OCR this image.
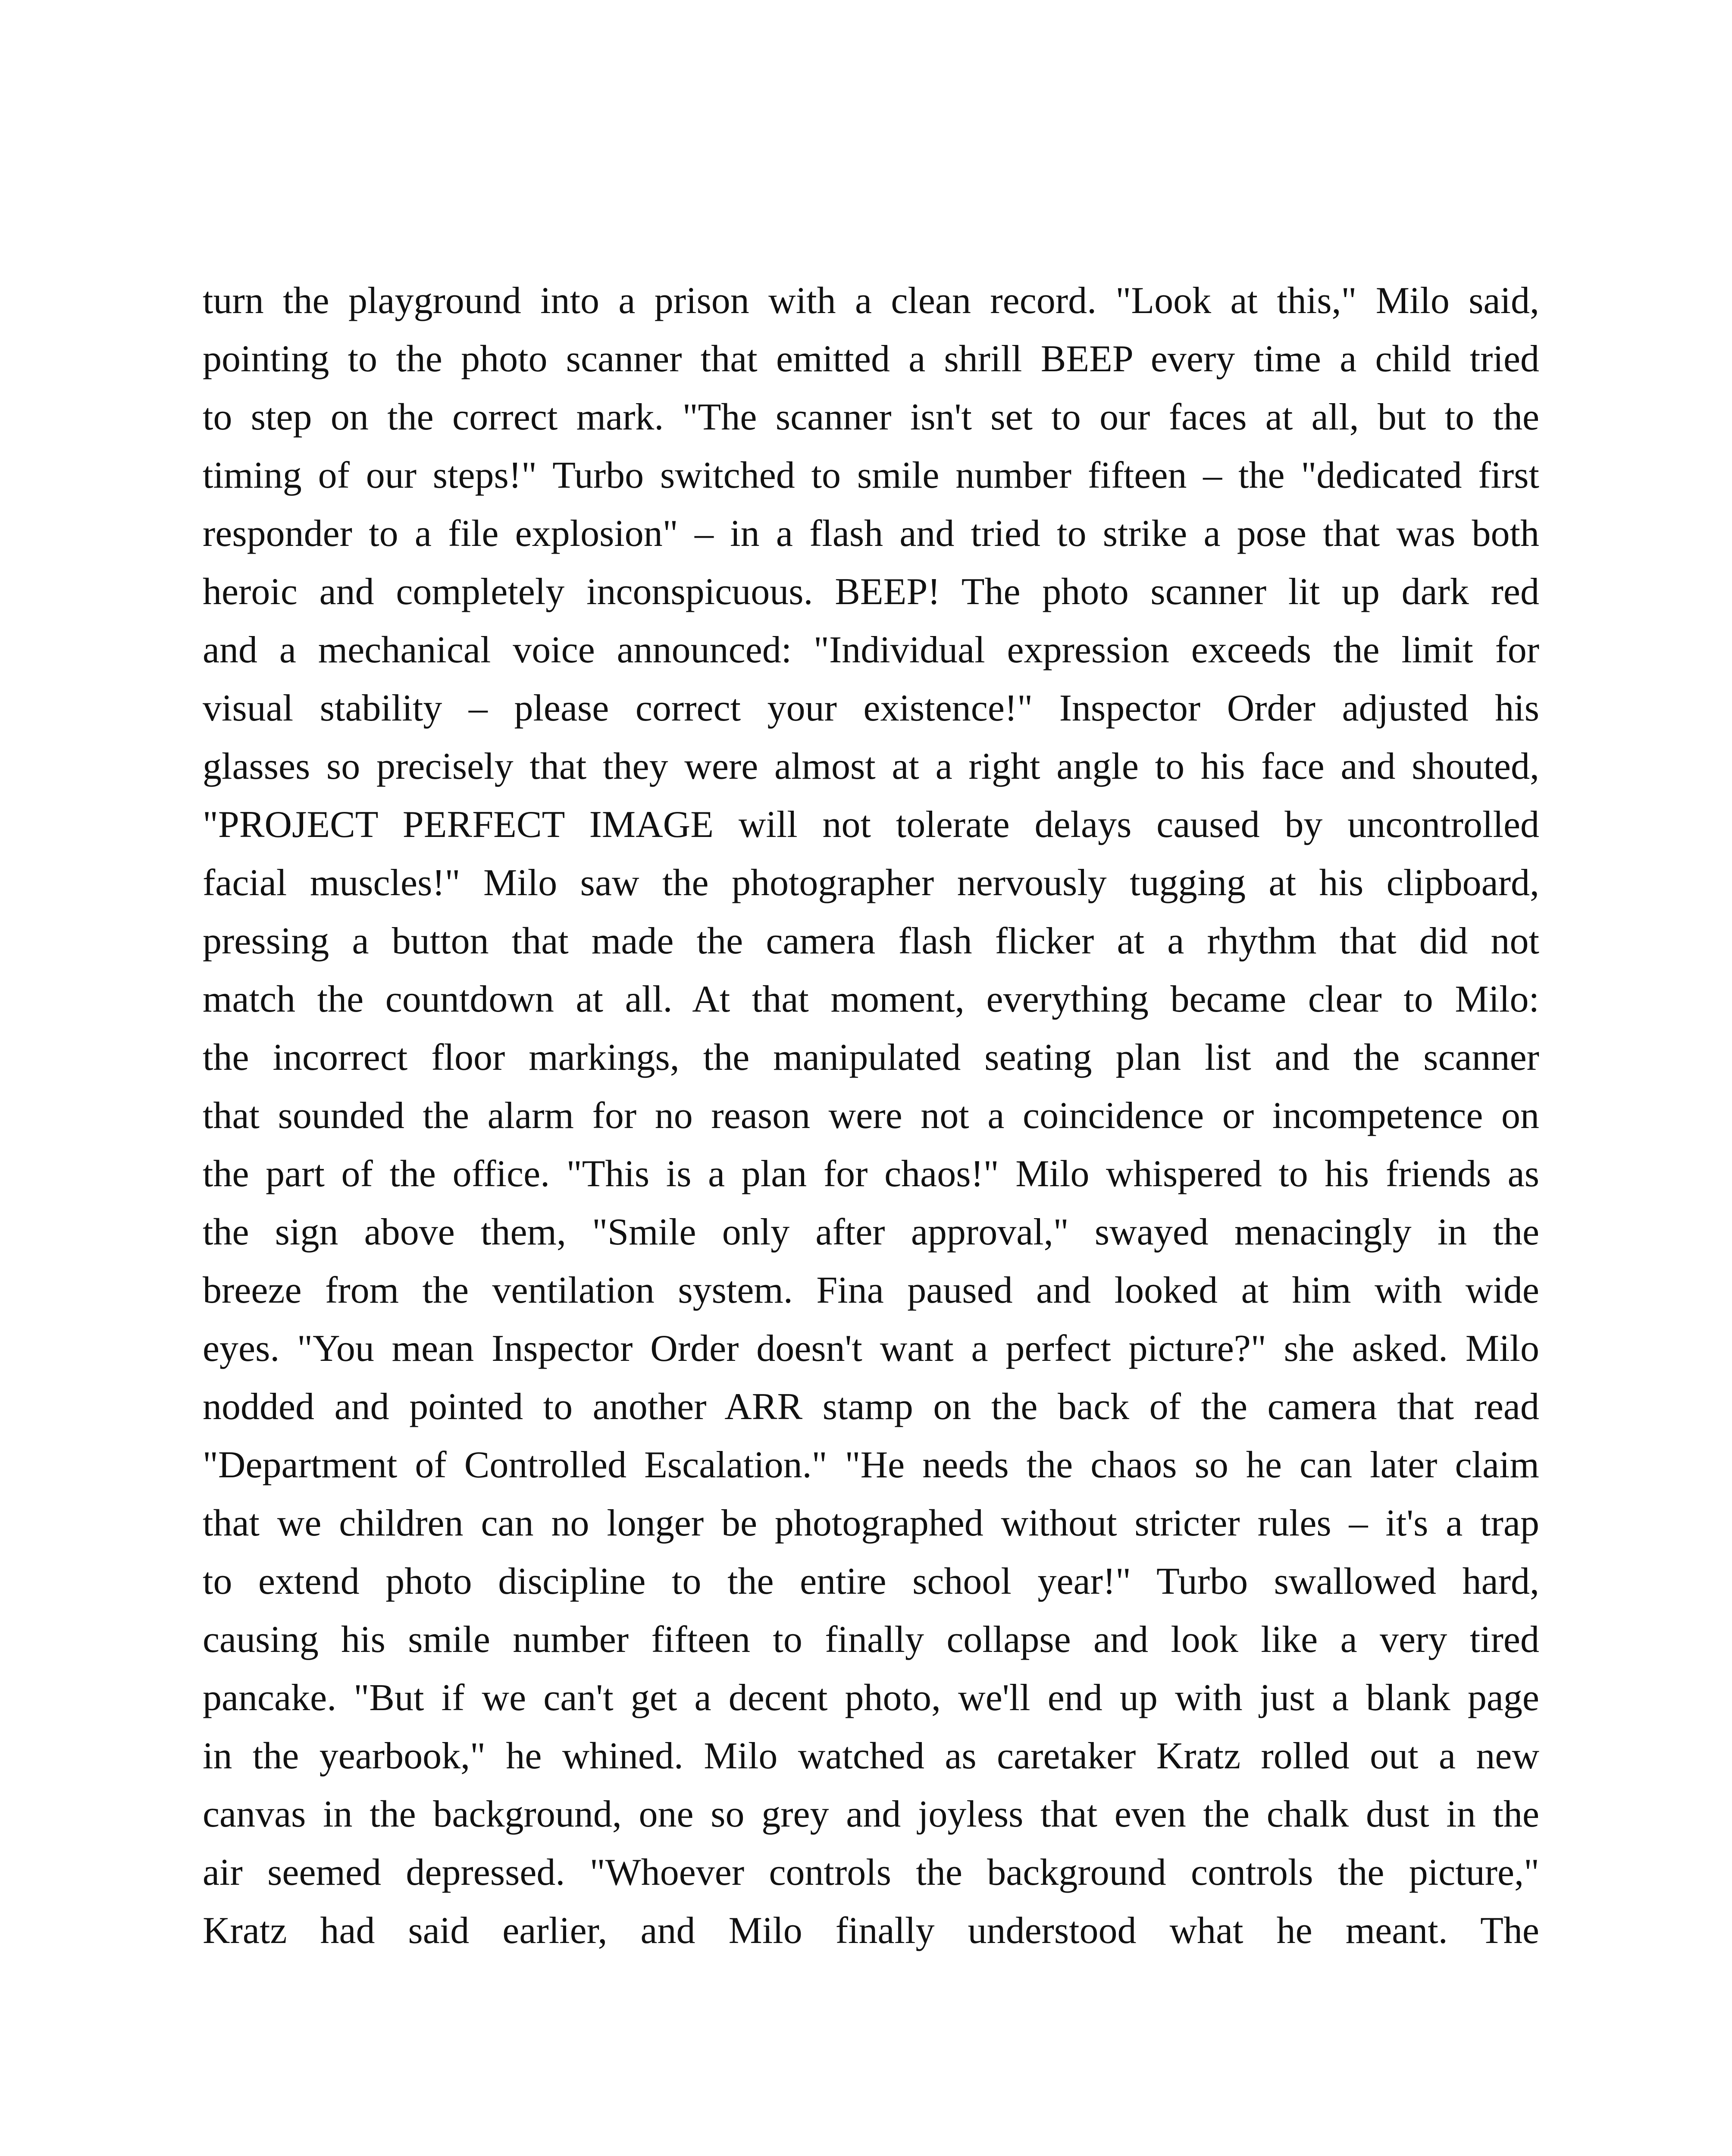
turn the playground into a prison with a clean record. "Look at this," Milo said,
pointing to the photo scanner that emitted a shrill BEEP every time a child tried
to step on the correct mark. "The scanner isn't set to our faces at all, but to the
timing of our steps!" Turbo switched to smile number fifteen – the "dedicated first
responder to a file explosion" – in a flash and tried to strike a pose that was both
heroic and completely inconspicuous. BEEP! The photo scanner lit up dark red
and a mechanical voice announced: "Individual expression exceeds the limit for
visual stability – please correct your existence!" Inspector Order adjusted his
glasses so precisely that they were almost at a right angle to his face and shouted,
"PROJECT PERFECT IMAGE will not tolerate delays caused by uncontrolled
facial muscles!" Milo saw the photographer nervously tugging at his clipboard,
pressing a button that made the camera flash flicker at a rhythm that did not
match the countdown at all. At that moment, everything became clear to Milo:
the incorrect floor markings, the manipulated seating plan list and the scanner
that sounded the alarm for no reason were not a coincidence or incompetence on
the part of the office. "This is a plan for chaos!" Milo whispered to his friends as
the sign above them, "Smile only after approval," swayed menacingly in the
breeze from the ventilation system. Fina paused and looked at him with wide
eyes. "You mean Inspector Order doesn't want a perfect picture?" she asked. Milo
nodded and pointed to another ARR stamp on the back of the camera that read
"Department of Controlled Escalation." "He needs the chaos so he can later claim
that we children can no longer be photographed without stricter rules – it's a trap
to extend photo discipline to the entire school year!" Turbo swallowed hard,
causing his smile number fifteen to finally collapse and look like a very tired
pancake. "But if we can't get a decent photo, we'll end up with just a blank page
in the yearbook," he whined. Milo watched as caretaker Kratz rolled out a new
canvas in the background, one so grey and joyless that even the chalk dust in the
air seemed depressed. "Whoever controls the background controls the picture,"
Kratz had said earlier, and Milo finally understood what he meant. The
